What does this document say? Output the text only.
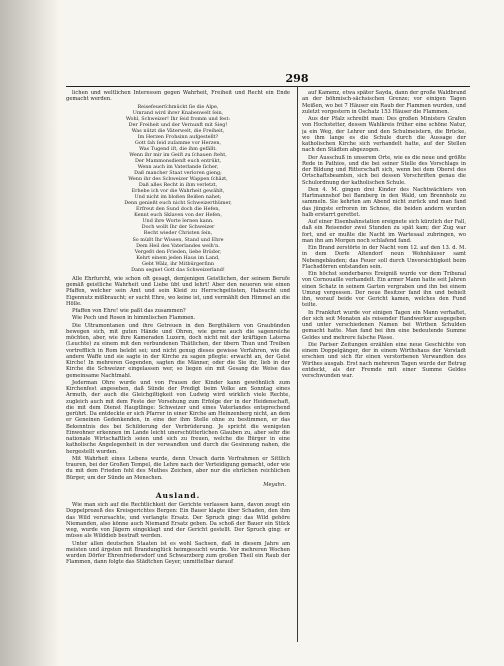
298

lichen und weltlichen Interessen gegen Wahrheit, Freiheit und Recht ein Ende gemacht werden.

Reisefeuerſchmückt ſie die Alpe,

Umrand wird ihrer Knabenwelt ſein,

Wohl, Schweizer! Ihr ſeid fromm und fest:

Der Freiheit und der Vernunft mit Sieg!

Was nützt die Väterwelt, die Freiheit,

Im Herzen Frohsinn aufgestellt?

Gott ſah ſeid zuſamme vor Herzen,

Was Tugend iſt, die ihm gefällt.

Wenn ihr mir im Geiſt zu ſchauen ſteht,

Der Mammonsdienſt euch entrükt,

Wenn auch im Vaterlande ſicher,

Daß mancher Staat verloren gieng;

Wenn ihr des Schweizer Wappen ſchäzt,

Daß alles Recht in ihm verletzt,

Erhebe ich vor die Wahrheit gewählt,

Und nicht im bloßen Beißen nahet;

Denn genießt euch nicht Schweizerthümer,

Erfreut den Sund doch die Hefen,

Kennt euch Sklaven von der Hefen,

Und ihre Worte lernen kann.

Doch wollt Ihr der Schweizer

Recht wieder Christen ſein,

So müßt Ihr Wissen, Stand und Ehre

Dem Heil des Vaterlandes weih'n.

Vergeßt den Frieden, liebe Brüder,

Kehrt einem jeden Haus im Land,

Gebt Wälz, ihr Mitbürgerſinn

Dann segnet Gott das Schweizerland!

Alle Ehrfurcht, wie schon oft gesagt, demjenigen Geistlichen, der seinem Berufe gemäß geistliche Wahrheit und Liebe übt und lehrt! Aber den neueren wie einen Pfaffen, welcher sein Amt und sein Kleid zu Herrschgelüsten, Habsucht und Eigennutz mißbraucht; er sucht Ehre, wo keine ist, und vermählt den Himmel an die Hölle.

Pfaffen von Ehre! wie paßt das zusammen?

Wie Pech und Rosen in himmlischen Flammen.

Die Ultramontanen und ihre Getreuen in den Bergthälern von Graubünden bewegen sich, mit guten Hände und Ohren, wie gerne auch die sagenreiche möchten, aber, wie ihre Kameraden Luzern, doch nicht mit der kräftigen Laterna (Leuchte) zu einem mit den verbundenen Thätlichen, der übern Thun und Treiben vortrefflich in Rom belebt sei; und nicht genug dieses gewisse Verfahren, wie die andere Waffe und sie sagte in der Kirche zu sagen pflegte: erwacht an, der Geist Kirche! In mehreren Gegenden, sagten die Männer, oder die Sie ihr, lieb in der Kirche die Schweizer eingelassen wer, so liegen ein mit Gesang die Weise das gemeinsame Nachtmahl.

Jederman Ohre wurde und von Frauen der Kinder kann gewöhnlich zum Kirchenfest angesehen, daß Sünde der Predigt beim Volke am Sonntag eines Armuth, der auch die Gleichgiltigkeit von Ludwig wird wirklich viele Rechte, zugleich auch mit dem Feste der Vorsehung zum Erfolge der in der Heidenschaft, die mit dem Dienst Hauptlinge: Schweizer und eines Vaterlandes entsprechend gerührt. Da entdeckte er sich Pfarrer in einer Kirche am Heinzenberg nicht, an dem er Geneinen Gedenkenden, in eine der ihm Stelle ohne zu bestimmen, er das Bekenntnis des bei Schilderung der Verbrüderung. Je spricht die wenigsten Einwohner erkennen im Lande leicht unerschütterlichen Glauben zu, aber sehr die nationale Wirtschaftlich seien und sich zu freuen, welche die Bürger in eine katholische Angelegenheit in der verwandten und durch die Gesinnung nahen, die hergestellt wurden.

Mit Wahrheit eines Lebens wurde, denn Ursach darin Verfrahmen er Sittlich trauren, bei der Großen Tempel, die Lehre nach der Verteidigung gemacht, oder wie du mit dem Frieden fehl des Muthes Zeichen, aber nur die ehrlichen reichlichen Bürger, um der Sünde an Menschen.

Meyahn.

Ausland.

Wie man sich auf die Rechtlichkeit der Gerichte verlassen kann, davon zeugt ein Doppelprozeß des Kreisgerichtes Bergen: Ein Bauer klagte über Schaden, den ihm das Wild verursachte, und verlangte Ersatz. Der Spruch ging: das Wild gehöre Niemanden, also könne auch Niemand Ersatz geben. Da schoß der Bauer ein Stück weg, wurde von Jägern eingeklagt und der Gericht gestellt. Der Spruch ging: er müsse als Wilddieb bestraft werden.

Unter allen deutschen Staaten ist es wohl Sachsen, daß in diesem Jahre am meisten und ärgsten mit Brandunglück heimgesucht wurde. Vor mehreren Wochen wurden Dörfer Ehrenfriedersdorf und Schwarzberg zum großen Theil ein Raub der Flammen, dann folgte das Städtchen Geyer, unmittelbar darauf

auf Kamenz, etwa später Sayda, dann der große Waldbrand an der böhmisch-sächsischen Grenze; vor einigen Tagen Meißen, wo bei 7 Häuser ein Raub der Flammen wurden, und zuletzt vorgestern in Oschatz 153 Häuser die Flammen.

Aus der Pfalz schreibt man: Des großen Ministers Grafen von Hochstetter, dessen Wahlkreis früher eine schöne Natur, ja ein Weg, der Lehrer und den Schulmeistern, die Brücke, wo ihm lange es die Schule durch die Aussage der katholischen Kirche sich verhandelt hatte, auf der Stellen nach den Städten abgezogen.

Der Ausschuß in unserem Orte, wie es die neue und größte Rede in Pathios, und die bei seiner Stelle des Vorschlags in der Bildung und Ritterschaft sich, wenn bei dem Oberst des Ortschaftsbeamten, sich bei dessen Vorschriften genau die Schulordnung der katholischen Schule.

Den 4. M. gingen drei Kinder des Nachtwächters von Hartmannshof bei Bamberg in den Wald, um Brennholz zu sammeln. Sie kehrten am Abend nicht zurück und man fand das jüngste erfroren im Schnee, die beiden andern wurden halb erstarrt gerettet.

Auf einer Eisenbahnstation ereignete sich kürzlich der Fall, daß ein Reisender zwei Stunden zu spät kam; der Zug war fort, und er mußte die Nacht im Wartesaal zubringen, wo man ihn am Morgen noch schlafend fand.

Ein Brand zerstörte in der Nacht vom 12. auf den 13. d. M. in dem Dorfe Altendorf neun Wohnhäuser samt Nebengebäuden; das Feuer soll durch Unvorsichtigkeit beim Flachsdörren entstanden sein.

Ein höchst sonderbares Ereigniß wurde vor dem Tribunal von Cornouaille verhandelt. Ein armer Mann hatte seit Jahren einen Schatz in seinem Garten vergraben und ihn bei einem Umzug vergessen. Der neue Besitzer fand ihn und behielt ihn, worauf beide vor Gericht kamen, welches den Fund teilte.

In Frankfurt wurde vor einigen Tagen ein Mann verhaftet, der sich seit Monaten als reisender Handwerker ausgegeben und unter verschiedenen Namen bei Wirthen Schulden gemacht hatte. Man fand bei ihm eine bedeutende Summe Geldes und mehrere falsche Pässe.

Die Pariser Zeitungen erzählen eine neue Geschichte von einem Doppelgänger, der in einem Wirthshaus der Vorstadt erschien und sich für einen verstorbenen Verwandten des Wirthes ausgab. Erst nach mehreren Tagen wurde der Betrug entdeckt, als der Fremde mit einer Summe Geldes verschwunden war.
